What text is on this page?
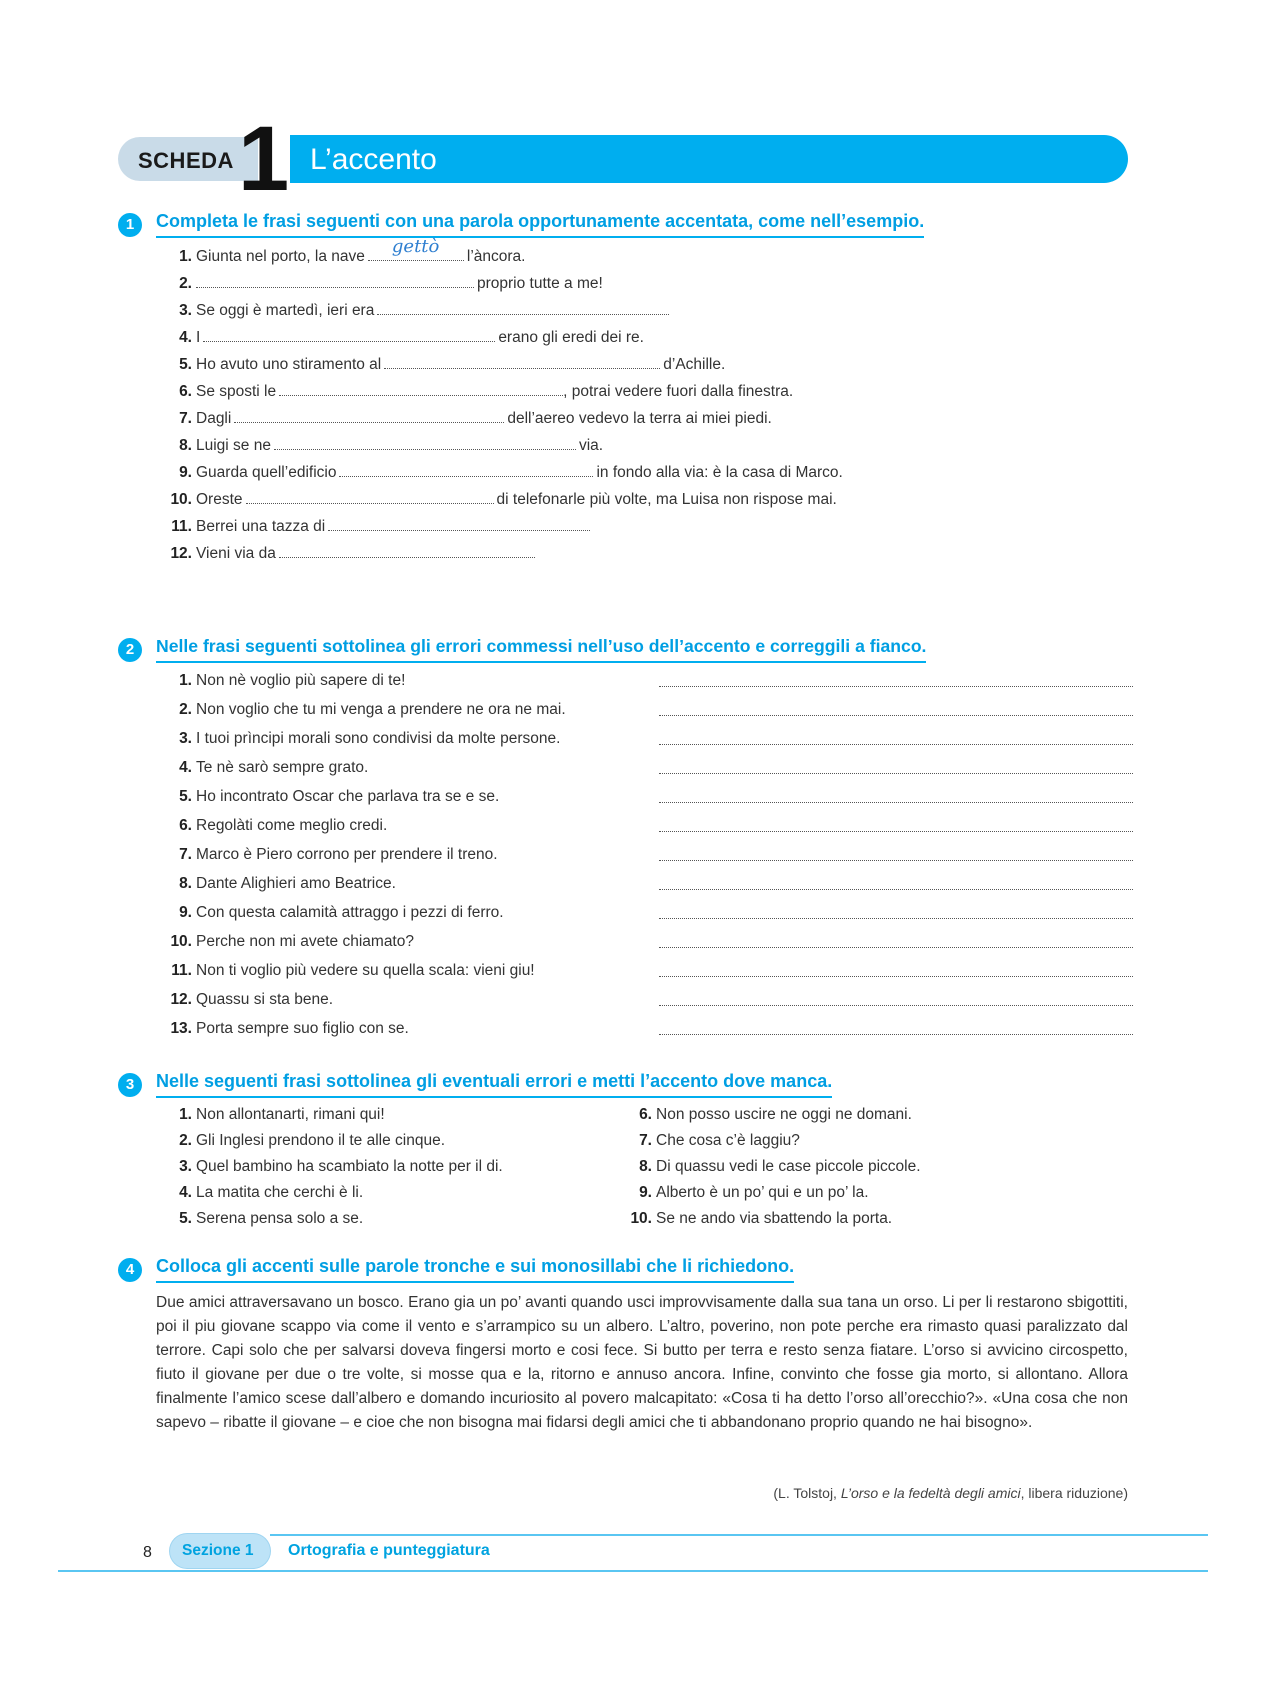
SCHEDA 1 L’accento
1	Completa le frasi seguenti con una parola opportunamente accentata, come nell’esempio.
1. Giunta nel porto, la nave gettò l’àncora.
2.	proprio tutte a me!
3. Se oggi è martedì, ieri era
4. I	erano gli eredi dei re.
5. Ho avuto uno stiramento al	d’Achille.
6. Se sposti le	, potrai vedere fuori dalla finestra.
7. Dagli	dell’aereo vedevo la terra ai miei piedi.
8. Luigi se ne	via.
9. Guarda quell’edificio	in fondo alla via: è la casa di Marco.
10. Oreste	di telefonarle più volte, ma Luisa non rispose mai.
11. Berrei una tazza di
12. Vieni via da
2	Nelle frasi seguenti sottolinea gli errori commessi nell’uso dell’accento e correggili a fianco.
1. Non nè voglio più sapere di te!
2. Non voglio che tu mi venga a prendere ne ora ne mai.
3. I tuoi prìncipi morali sono condivisi da molte persone.
4. Te nè sarò sempre grato.
5. Ho incontrato Oscar che parlava tra se e se.
6. Regolàti come meglio credi.
7. Marco è Piero corrono per prendere il treno.
8. Dante Alighieri amo Beatrice.
9. Con questa calamità attraggo i pezzi di ferro.
10. Perche non mi avete chiamato?
11. Non ti voglio più vedere su quella scala: vieni giu!
12. Quassu si sta bene.
13. Porta sempre suo figlio con se.
3	Nelle seguenti frasi sottolinea gli eventuali errori e metti l’accento dove manca.
1. Non allontanarti, rimani qui!
2. Gli Inglesi prendono il te alle cinque.
3. Quel bambino ha scambiato la notte per il di.
4. La matita che cerchi è li.
5. Serena pensa solo a se.
6. Non posso uscire ne oggi ne domani.
7. Che cosa c’è laggiu?
8. Di quassu vedi le case piccole piccole.
9. Alberto è un po’ qui e un po’ la.
10. Se ne ando via sbattendo la porta.
4	Colloca gli accenti sulle parole tronche e sui monosillabi che li richiedono.
Due amici attraversavano un bosco. Erano gia un po’ avanti quando usci improvvisamente dalla sua tana un orso. Li per li restarono sbigottiti, poi il piu giovane scappo via come il vento e s’arrampico su un albero. L’altro, poverino, non pote perche era rimasto quasi paralizzato dal terrore. Capi solo che per salvarsi doveva fingersi morto e cosi fece. Si butto per terra e resto senza fiatare. L’orso si avvicino circospetto, fiuto il giovane per due o tre volte, si mosse qua e la, ritorno e annuso ancora. Infine, convinto che fosse gia morto, si allontano. Allora finalmente l’amico scese dall’albero e domando incuriosito al povero malcapitato: «Cosa ti ha detto l’orso all’orecchio?». «Una cosa che non sapevo – ribatte il giovane – e cioe che non bisogna mai fidarsi degli amici che ti abbandonano proprio quando ne hai bisogno».
(L. Tolstoj, L’orso e la fedeltà degli amici, libera riduzione)
8 Sezione 1 Ortografia e punteggiatura
